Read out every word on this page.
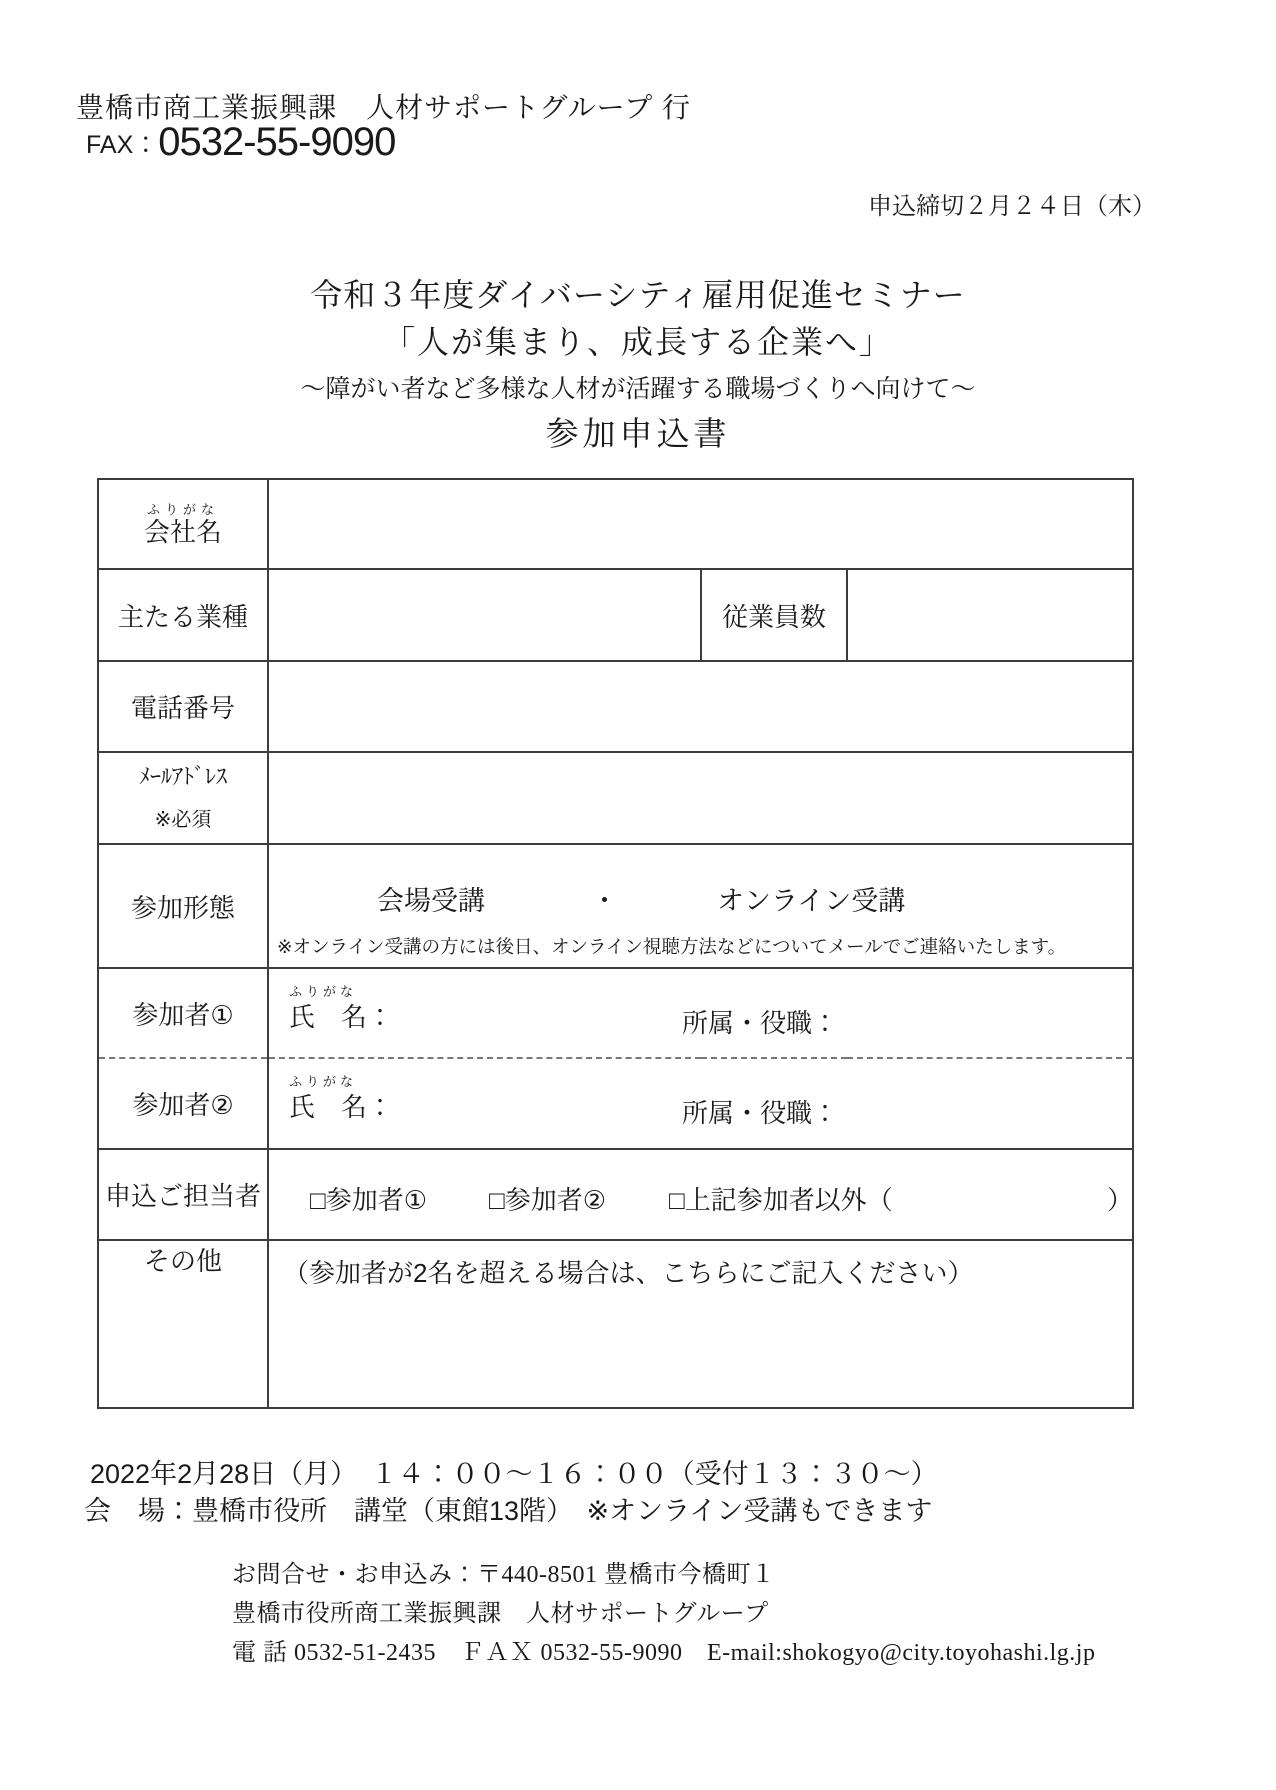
豊橋市商工業振興課　人材サポートグループ 行
FAX： 0532-55-9090
申込締切２月２４日（木）
令和３年度ダイバーシティ雇用促進セミナー
「人が集まり、成長する企業へ」
～障がい者など多様な人材が活躍する職場づくりへ向けて～
参加申込書
ふりがな
会社名			

主たる業種		従業員数	
電話番号			

ﾒｰﾙｱﾄﾞﾚｽ
※必須			

参加形態	会場受講 ・ オンライン受講
※オンライン受講の方には後日、オンライン視聴方法などについてメールでご連絡いたします。		

参加者①	ふりがな
氏　名： 所属・役職：		

参加者②	ふりがな
氏　名： 所属・役職：		

申込ご担当者	□参加者① □参加者② □上記参加者以外（ ）		

その他	（参加者が2名を超える場合は、こちらにご記入ください）		
2022年2月28日（月）　１４：００～１６：００（受付１３：３０～）
会　場：豊橋市役所　講堂（東館13階）　※オンライン受講もできます
お問合せ・お申込み：〒440-8501 豊橋市今橋町１
豊橋市役所商工業振興課　人材サポートグループ
電 話 0532-51-2435　ＦＡＸ 0532-55-9090　E-mail:shokogyo@city.toyohashi.lg.jp
